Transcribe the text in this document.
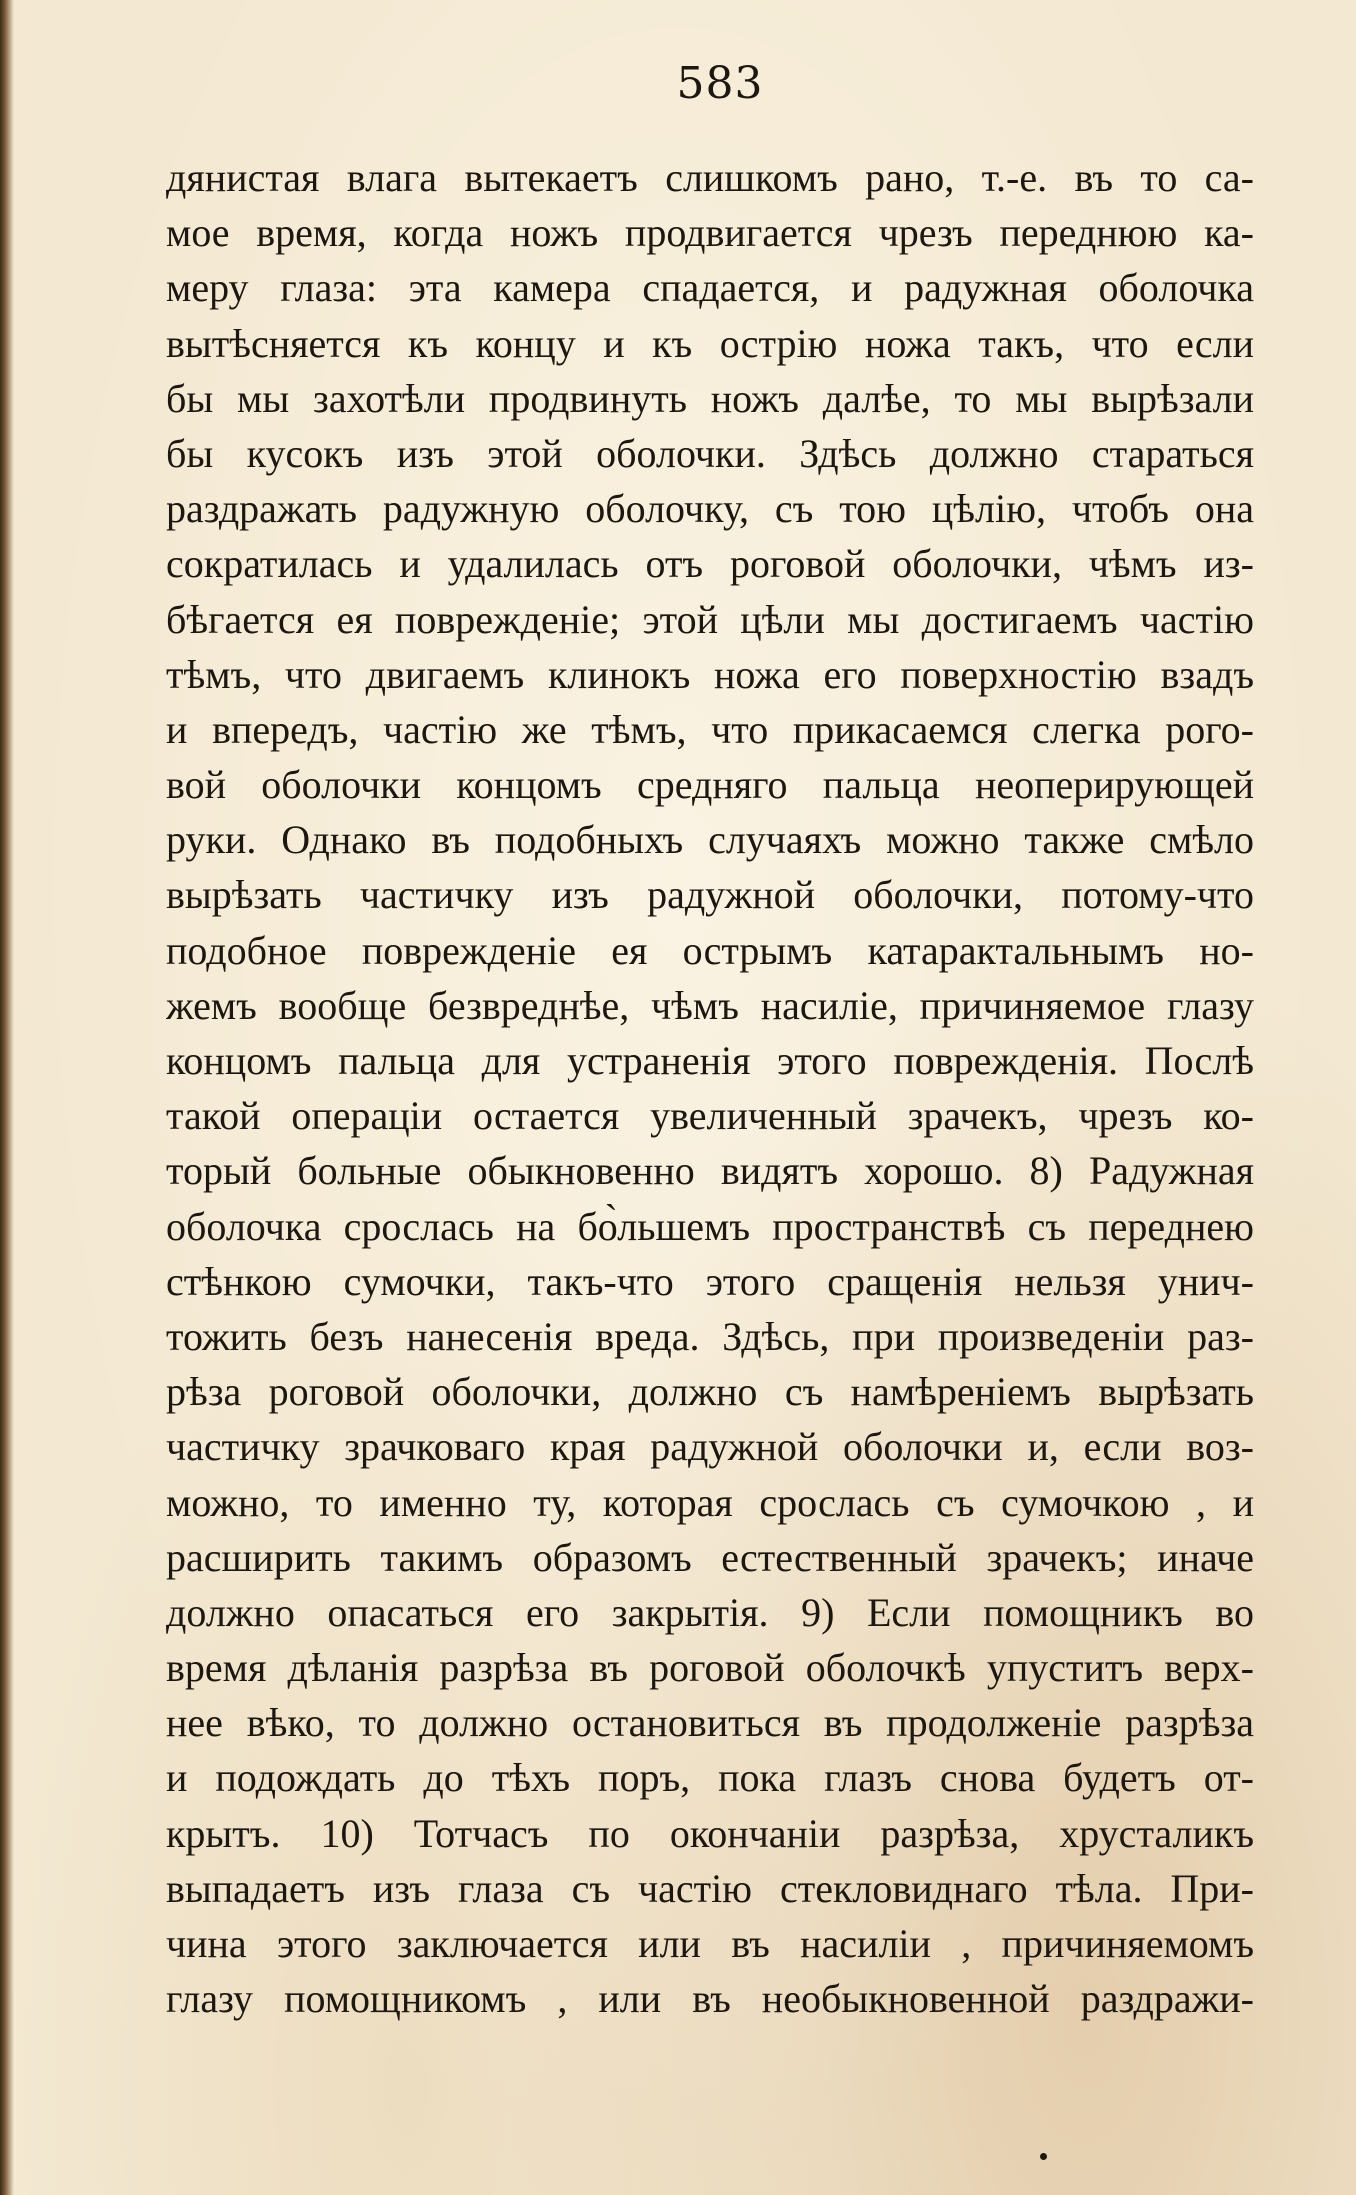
583
дянистая влага вытекаетъ слишкомъ рано, т.-е. въ то са-
мое время, когда ножъ продвигается чрезъ переднюю ка-
меру глаза: эта камера спадается, и радужная оболочка
вытѣсняется къ концу и къ острію ножа такъ, что если
бы мы захотѣли продвинуть ножъ далѣе, то мы вырѣзали
бы кусокъ изъ этой оболочки. Здѣсь должно стараться
раздражать радужную оболочку, съ тою цѣлію, чтобъ она
сократилась и удалилась отъ роговой оболочки, чѣмъ из-
бѣгается ея поврежденіе; этой цѣли мы достигаемъ частію
тѣмъ, что двигаемъ клинокъ ножа его поверхностію взадъ
и впередъ, частію же тѣмъ, что прикасаемся слегка рого-
вой оболочки концомъ средняго пальца неоперирующей
руки. Однако въ подобныхъ случаяхъ можно также смѣло
вырѣзать частичку изъ радужной оболочки, потому-что
подобное поврежденіе ея острымъ катарактальнымъ но-
жемъ вообще безвреднѣе, чѣмъ насиліе, причиняемое глазу
концомъ пальца для устраненія этого поврежденія. Послѣ
такой операціи остается увеличенный зрачекъ, чрезъ ко-
торый больные обыкновенно видятъ хорошо. 8) Радужная
оболочка срослась на бо̀льшемъ пространствѣ съ переднею
стѣнкою сумочки, такъ-что этого сращенія нельзя унич-
тожить безъ нанесенія вреда. Здѣсь, при произведеніи раз-
рѣза роговой оболочки, должно съ намѣреніемъ вырѣзать
частичку зрачковаго края радужной оболочки и, если воз-
можно, то именно ту, которая срослась съ сумочкою , и
расширить такимъ образомъ естественный зрачекъ; иначе
должно опасаться его закрытія. 9) Если помощникъ во
время дѣланія разрѣза въ роговой оболочкѣ упуститъ верх-
нее вѣко, то должно остановиться въ продолженіе разрѣза
и подождать до тѣхъ поръ, пока глазъ снова будетъ от-
крытъ. 10) Тотчасъ по окончаніи разрѣза, хрусталикъ
выпадаетъ изъ глаза съ частію стекловиднаго тѣла. При-
чина этого заключается или въ насиліи , причиняемомъ
глазу помощникомъ , или въ необыкновенной раздражи-
